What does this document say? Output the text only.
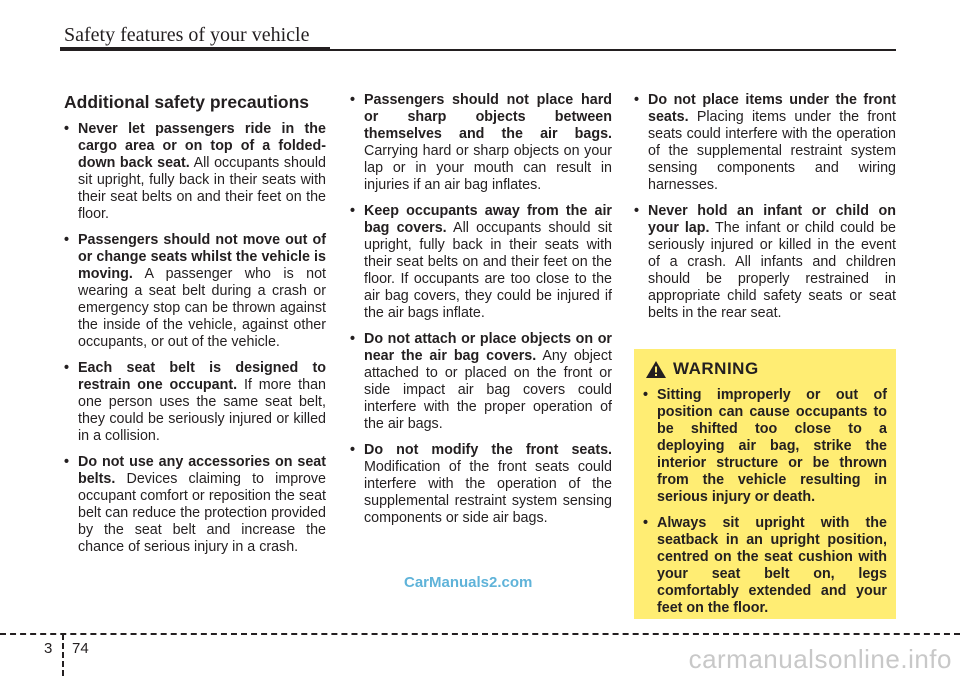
Safety features of your vehicle
Additional safety precautions
• Never let passengers ride in the cargo area or on top of a folded-down back seat. All occupants should sit upright, fully back in their seats with their seat belts on and their feet on the floor.
• Passengers should not move out of or change seats whilst the vehicle is moving. A passenger who is not wearing a seat belt during a crash or emergency stop can be thrown against the inside of the vehicle, against other occupants, or out of the vehicle.
• Each seat belt is designed to restrain one occupant. If more than one person uses the same seat belt, they could be seriously injured or killed in a collision.
• Do not use any accessories on seat belts. Devices claiming to improve occupant comfort or reposition the seat belt can reduce the protection provided by the seat belt and increase the chance of serious injury in a crash.
• Passengers should not place hard or sharp objects between themselves and the air bags. Carrying hard or sharp objects on your lap or in your mouth can result in injuries if an air bag inflates.
• Keep occupants away from the air bag covers. All occupants should sit upright, fully back in their seats with their seat belts on and their feet on the floor. If occupants are too close to the air bag covers, they could be injured if the air bags inflate.
• Do not attach or place objects on or near the air bag covers. Any object attached to or placed on the front or side impact air bag covers could interfere with the proper operation of the air bags.
• Do not modify the front seats. Modification of the front seats could interfere with the operation of the supplemental restraint system sensing components or side air bags.
• Do not place items under the front seats. Placing items under the front seats could interfere with the operation of the supplemental restraint system sensing components and wiring harnesses.
• Never hold an infant or child on your lap. The infant or child could be seriously injured or killed in the event of a crash. All infants and children should be properly restrained in appropriate child safety seats or seat belts in the rear seat.
WARNING
• Sitting improperly or out of position can cause occupants to be shifted too close to a deploying air bag, strike the interior structure or be thrown from the vehicle resulting in serious injury or death.
• Always sit upright with the seatback in an upright position, centred on the seat cushion with your seat belt on, legs comfortably extended and your feet on the floor.
CarManuals2.com
3 74	carmanualsonline.info
